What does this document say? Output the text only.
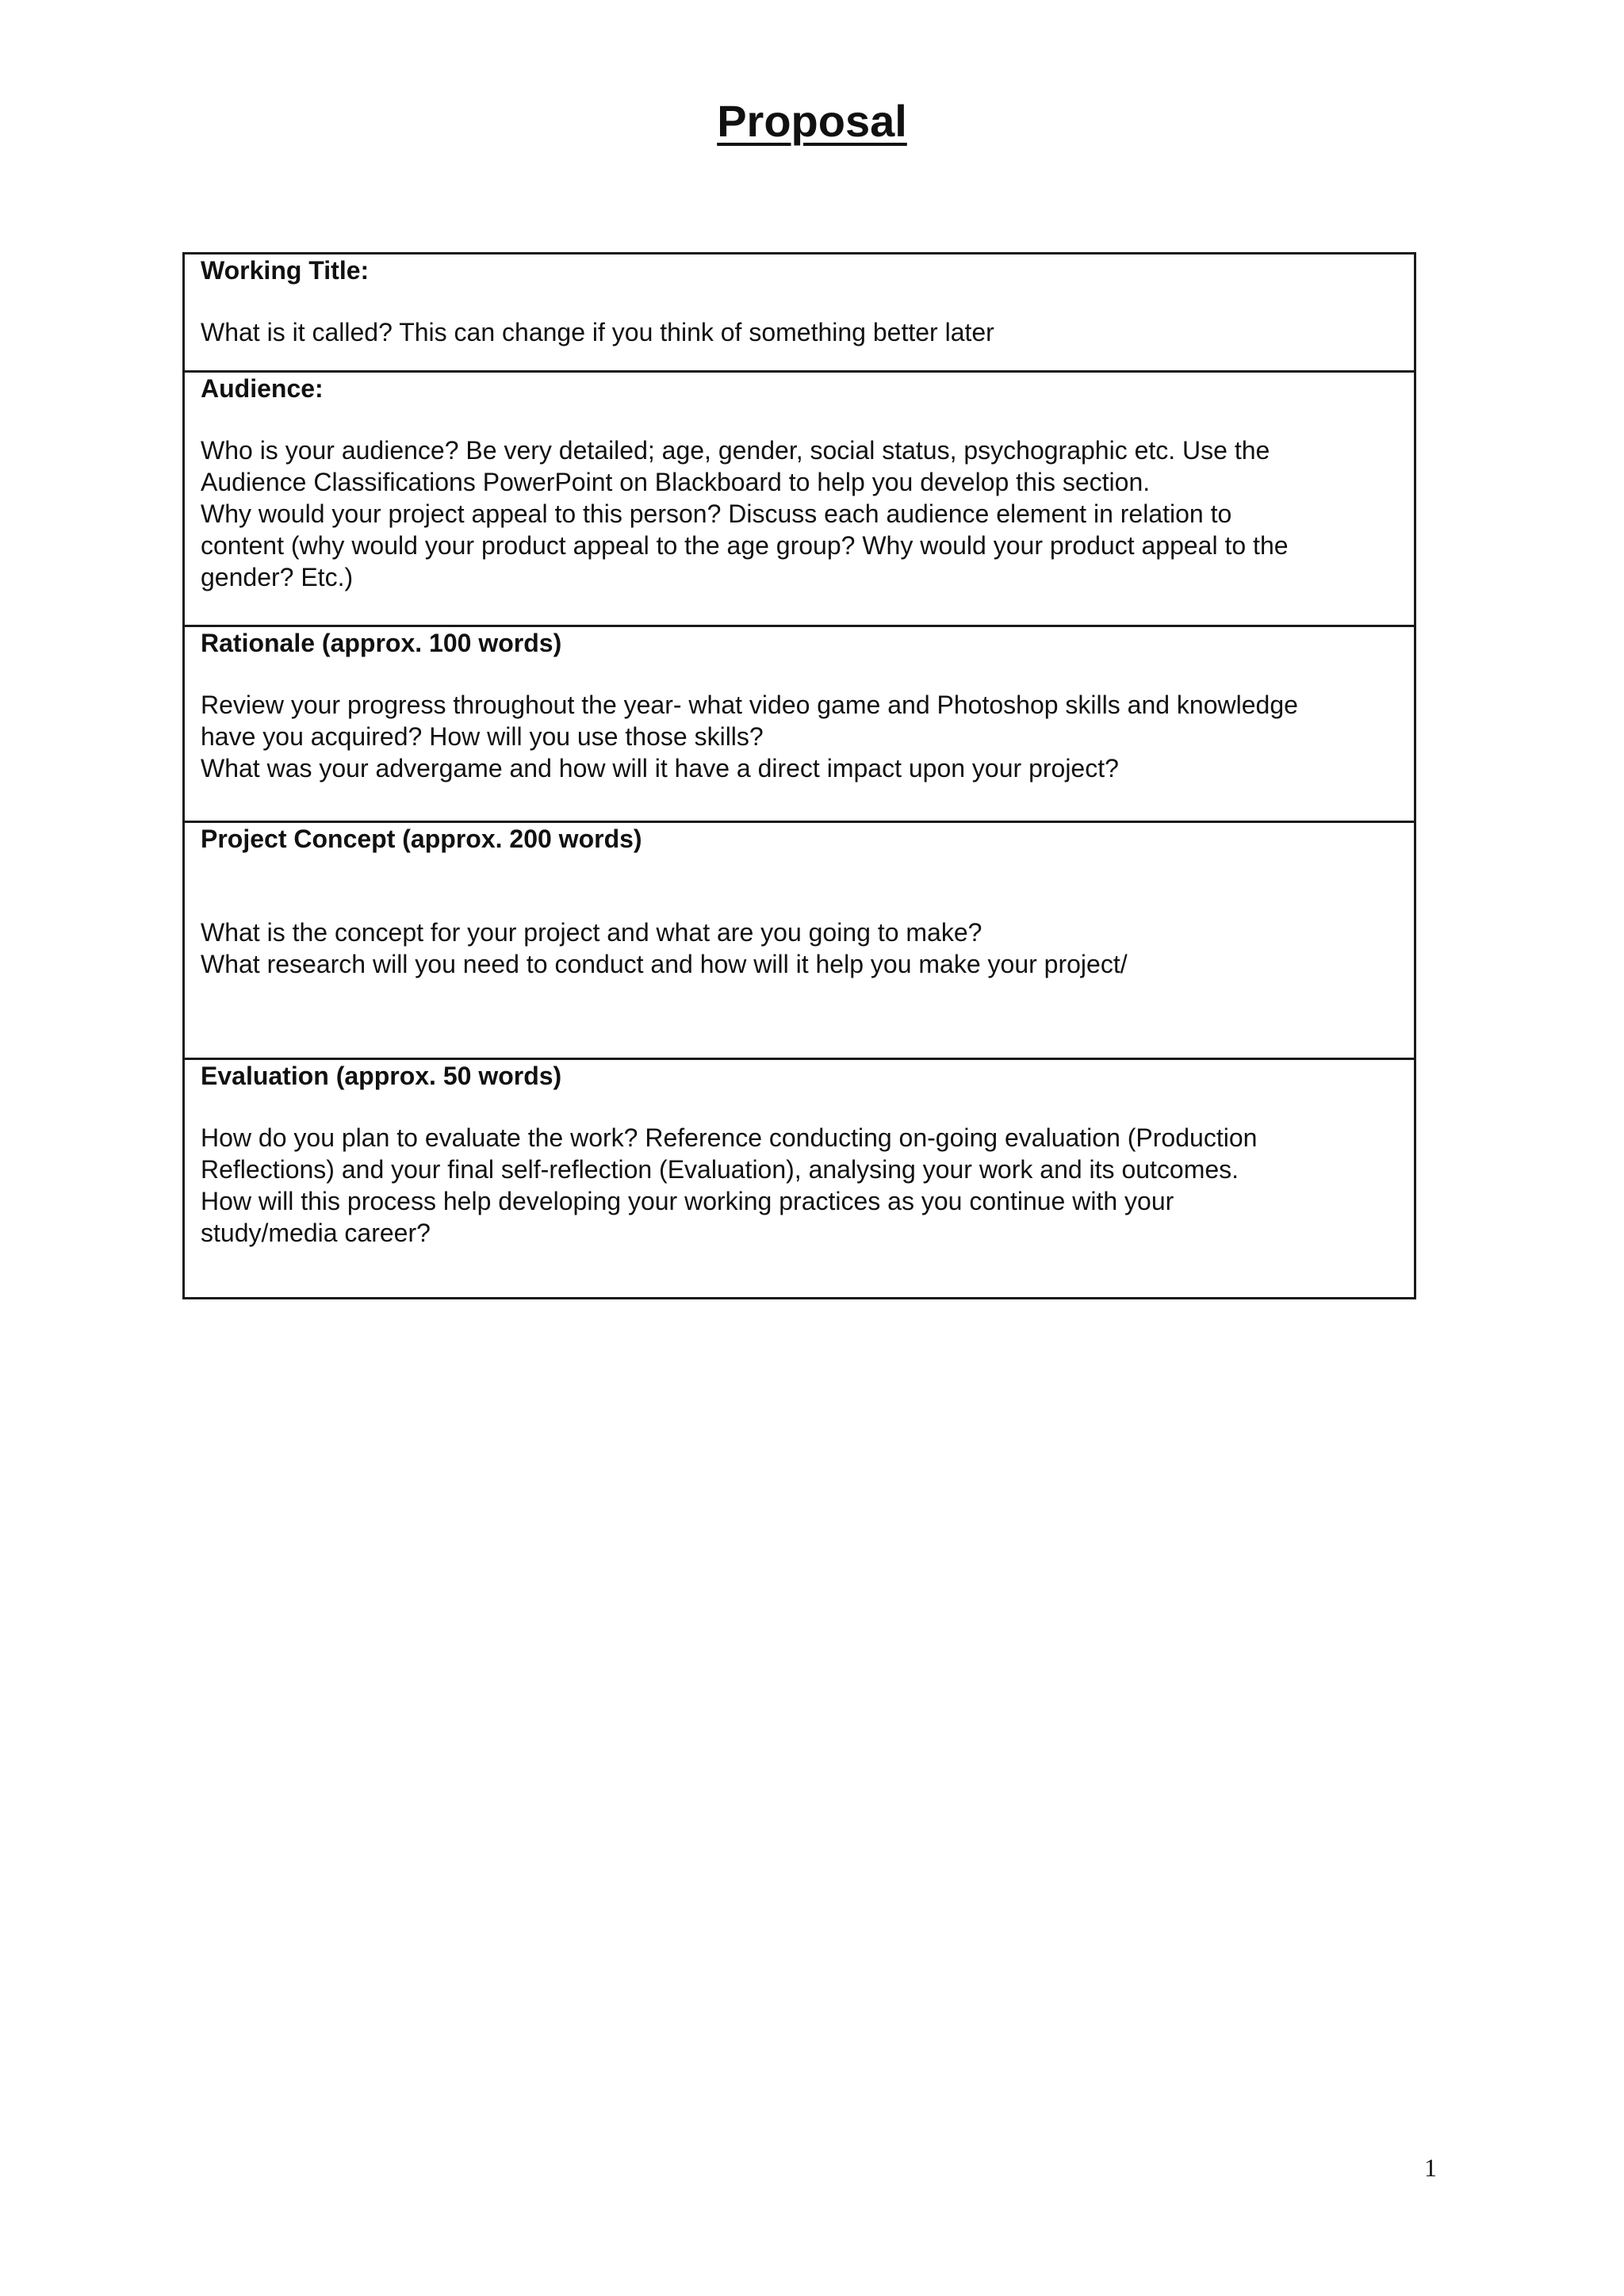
Proposal

Working Title:

What is it called? This can change if you think of something better later

Audience:

Who is your audience? Be very detailed; age, gender, social status, psychographic etc. Use the
Audience Classifications PowerPoint on Blackboard to help you develop this section.
Why would your project appeal to this person? Discuss each audience element in relation to
content (why would your product appeal to the age group? Why would your product appeal to the
gender? Etc.)

Rationale (approx. 100 words)

Review your progress throughout the year- what video game and Photoshop skills and knowledge
have you acquired? How will you use those skills?
What was your advergame and how will it have a direct impact upon your project?

Project Concept (approx. 200 words)

What is the concept for your project and what are you going to make?
What research will you need to conduct and how will it help you make your project/

Evaluation (approx. 50 words)

How do you plan to evaluate the work? Reference conducting on-going evaluation (Production
Reflections) and your final self-reflection (Evaluation), analysing your work and its outcomes.
How will this process help developing your working practices as you continue with your
study/media career?

1
